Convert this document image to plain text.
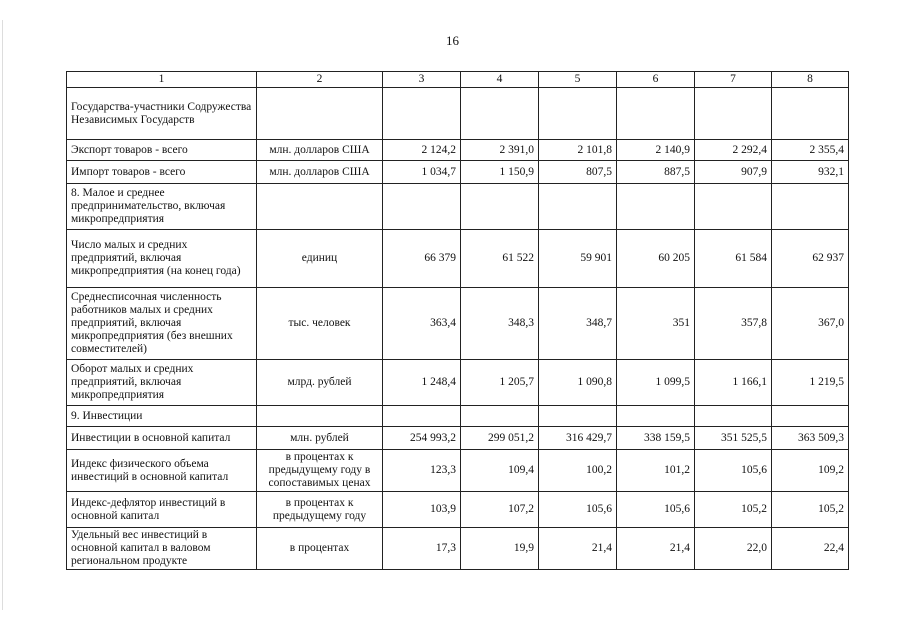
16
1	2	3	4	5	6	7	8
Государства-участники Содружества Независимых Государств							
Экспорт товаров - всего	млн. долларов США	2 124,2	2 391,0	2 101,8	2 140,9	2 292,4	2 355,4
Импорт товаров - всего	млн. долларов США	1 034,7	1 150,9	807,5	887,5	907,9	932,1
8. Малое и среднее предпринимательство, включая микропредприятия							
Число малых и средних предприятий, включая микропредприятия (на конец года)	единиц	66 379	61 522	59 901	60 205	61 584	62 937
Среднесписочная численность работников малых и средних предприятий, включая микропредприятия (без внешних совместителей)	тыс. человек	363,4	348,3	348,7	351	357,8	367,0
Оборот малых и средних предприятий, включая микропредприятия	млрд. рублей	1 248,4	1 205,7	1 090,8	1 099,5	1 166,1	1 219,5
9. Инвестиции							
Инвестиции в основной капитал	млн. рублей	254 993,2	299 051,2	316 429,7	338 159,5	351 525,5	363 509,3
Индекс физического объема инвестиций в основной капитал	в процентах к предыдущему году в сопоставимых ценах	123,3	109,4	100,2	101,2	105,6	109,2
Индекс-дефлятор инвестиций в основной капитал	в процентах к предыдущему году	103,9	107,2	105,6	105,6	105,2	105,2
Удельный вес инвестиций в основной капитал в валовом региональном продукте	в процентах	17,3	19,9	21,4	21,4	22,0	22,4
